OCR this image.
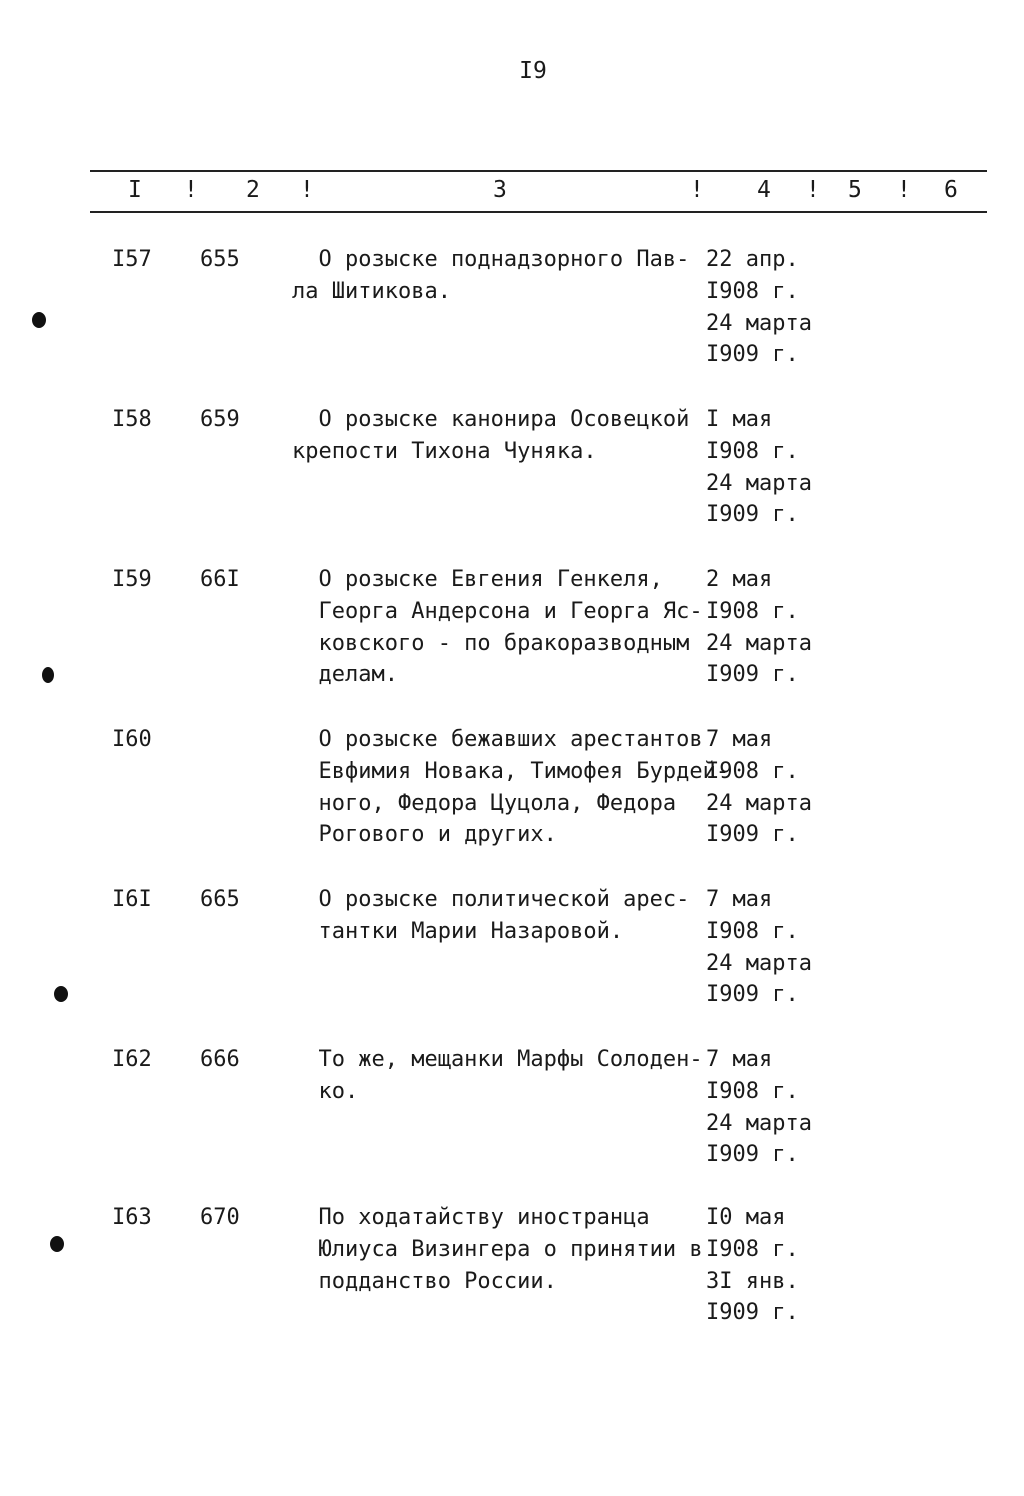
I9
I ! 2 !	3	! 4 ! 5 ! 6
I57 655 О розыске поднадзорного Пав-
ла Шитикова.
22 апр.
I908 г.
24 марта
I909 г.
I58 659 О розыске канонира Осовецкой
крепости Тихона Чуняка.
I мая
I908 г.
24 марта
I909 г.
I59 66I О розыске Евгения Генкеля,
Георга Андерсона и Георга Яс-
ковского - по бракоразводным
делам.
2 мая
I908 г.
24 марта
I909 г.
I60	О розыске бежавших арестантов
Евфимия Новака, Тимофея Бурдей-
ного, Федора Цуцола, Федора
Рогового и других.
7 мая
I908 г.
24 марта
I909 г.
I6I 665 О розыске политической арес-
тантки Марии Назаровой.
7 мая
I908 г.
24 марта
I909 г.
I62 666 То же, мещанки Марфы Солоден-
ко.
7 мая
I908 г.
24 марта
I909 г.
I63 670 По ходатайству иностранца
Юлиуса Визингера о принятии в
подданство России.
I0 мая
I908 г.
3I янв.
I909 г.
